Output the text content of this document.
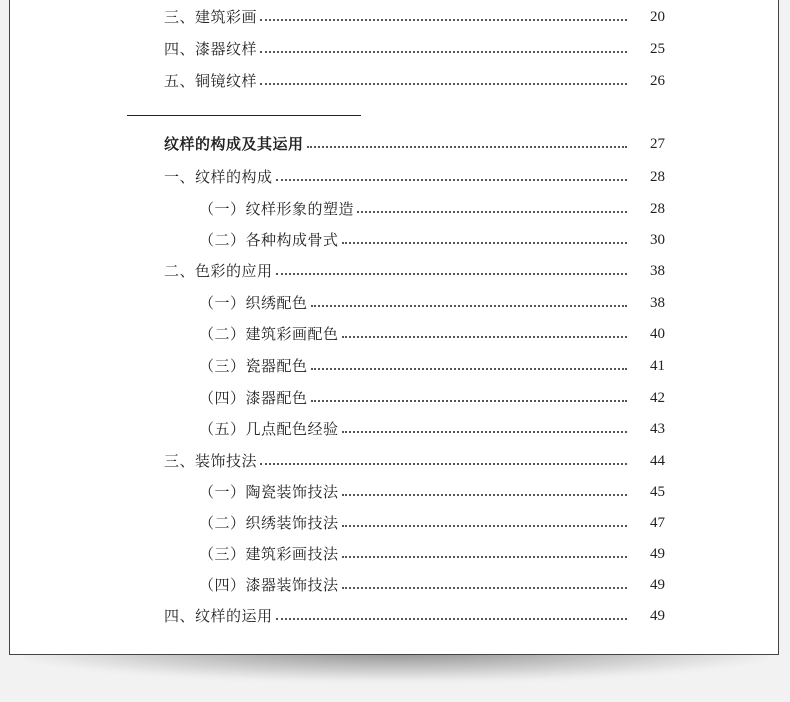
三、建筑彩画	20
四、漆器纹样	25
五、铜镜纹样	26
纹样的构成及其运用	27
一、纹样的构成	28
（一）纹样形象的塑造	28
（二）各种构成骨式	30
二、色彩的应用	38
（一）织绣配色	38
（二）建筑彩画配色	40
（三）瓷器配色	41
（四）漆器配色	42
（五）几点配色经验	43
三、装饰技法	44
（一）陶瓷装饰技法	45
（二）织绣装饰技法	47
（三）建筑彩画技法	49
（四）漆器装饰技法	49
四、纹样的运用	49
